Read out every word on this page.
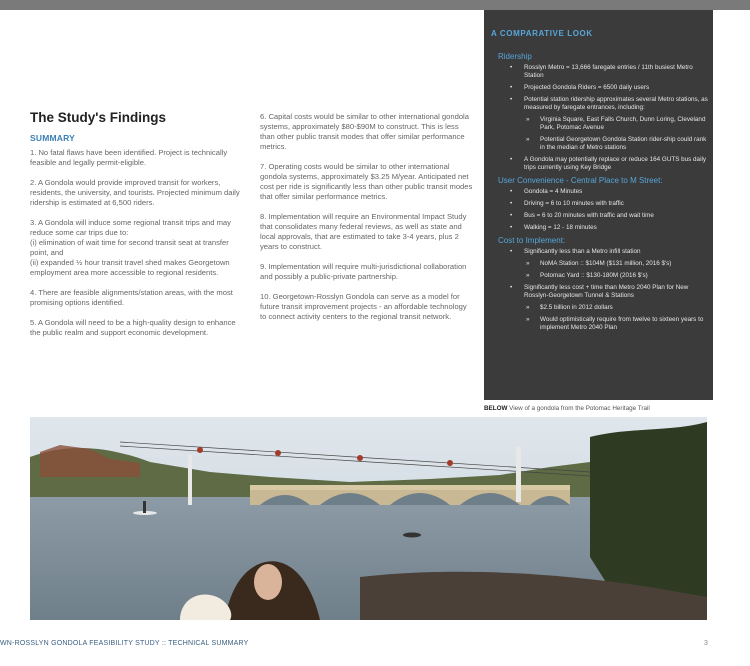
The Study's Findings
SUMMARY

1. No fatal flaws have been identified. Project is technically feasible and legally permit-eligible.

2. A Gondola would provide improved transit for workers, residents, the university, and tourists. Projected minimum daily ridership is estimated at 6,500 riders.

3. A Gondola will induce some regional transit trips and may reduce some car trips due to:
(i) elimination of wait time for second transit seat at transfer point, and
(ii) expanded ½ hour transit travel shed makes Georgetown employment area more accessible to regional residents.

4. There are feasible alignments/station areas, with the most promising options identified.

5. A Gondola will need to be a high-quality design to enhance the public realm and support economic development.

6. Capital costs would be similar to other international gondola systems, approximately $80-$90M to construct. This is less than other public transit modes that offer similar performance metrics.

7. Operating costs would be similar to other international gondola systems, approximately $3.25 M/year. Anticipated net cost per ride is significantly less than other public transit modes that offer similar performance metrics.

8. Implementation will require an Environmental Impact Study that consolidates many federal reviews, as well as state and local approvals, that are estimated to take 3-4 years, plus 2 years to construct.

9. Implementation will require multi-jurisdictional collaboration and possibly a public-private partnership.

10. Georgetown-Rosslyn Gondola can serve as a model for future transit improvement projects - an affordable technology to connect activity centers to the regional transit network.

A COMPARATIVE LOOK

Ridership

• Rosslyn Metro = 13,666 faregate entries / 11th busiest Metro Station
• Projected Gondola Riders = 6500 daily users
• Potential station ridership approximates several Metro stations, as measured by faregate entrances, including:
» Virginia Square, East Falls Church, Dunn Loring, Cleveland Park, Potomac Avenue
» Potential Georgetown Gondola Station rider-ship could rank in the median of Metro stations
• A Gondola may potentially replace or reduce 164 GUTS bus daily trips currently using Key Bridge

User Convenience - Central Place to M Street:

• Gondola = 4 Minutes
• Driving = 6 to 10 minutes with traffic
• Bus = 6 to 20 minutes with traffic and wait time
• Walking = 12 - 18 minutes

Cost to Implement:

• Significantly less than a Metro infill station
» NoMA Station :: $104M ($131 million, 2016 $'s)
» Potomac Yard :: $130-180M (2016 $'s)
• Significantly less cost + time than Metro 2040 Plan for New Rosslyn-Georgetown Tunnel & Stations
» $2.5 billion in 2012 dollars
» Would optimistically require from twelve to sixteen years to implement Metro 2040 Plan

BELOW View of a gondola from the Potomac Heritage Trail

WN-ROSSLYN GONDOLA FEASIBILITY STUDY :: TECHNICAL SUMMARY	3
